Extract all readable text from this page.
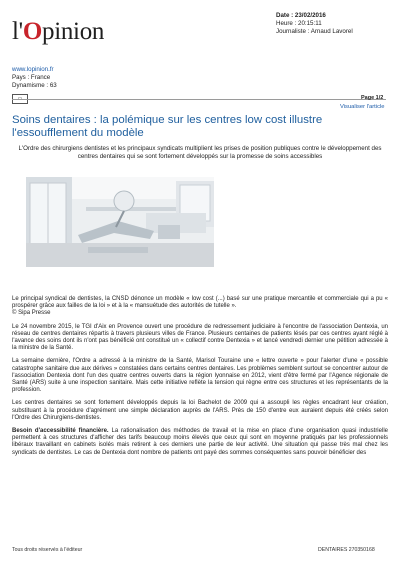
l'Opinion
Date : 23/02/2016
Heure : 20:15:11
Journaliste : Arnaud Lavorel
www.lopinion.fr
Pays : France
Dynamisme : 63
▭	Page 1/2
Visualiser l'article
Soins dentaires : la polémique sur les centres low cost illustre l'essoufflement du modèle
L'Ordre des chirurgiens dentistes et les principaux syndicats multiplient les prises de position publiques contre le développement des centres dentaires qui se sont fortement développés sur la promesse de soins accessibles

Le principal syndical de dentistes, la CNSD dénonce un modèle « low cost (...) basé sur une pratique mercantile et commerciale qui a pu « prospérer grâce aux failles de la loi » et à la « mansuétude des autorités de tutelle ».

© Sipa Presse

Le 24 novembre 2015, le TGI d'Aix en Provence ouvert une procédure de redressement judiciaire à l'encontre de l'association Dentexia, un réseau de centres dentaires répartis à travers plusieurs villes de France. Plusieurs centaines de patients lésés par ces centres ayant réglé à l'avance des soins dont ils n'ont pas bénéficié ont constitué un « collectif contre Dentexia » et lancé vendredi dernier une pétition adressée à la ministre de la Santé.

La semaine dernière, l'Ordre a adressé à la ministre de la Santé, Marisol Touraine une « lettre ouverte » pour l'alerter d'une « possible catastrophe sanitaire due aux dérives » constatées dans certains centres dentaires. Les problèmes semblent surtout se concentrer autour de l'association Dentexia dont l'un des quatre centres ouverts dans la région lyonnaise en 2012, vient d'être fermé par l'Agence régionale de Santé (ARS) suite à une inspection sanitaire. Mais cette initiative reflète la tension qui règne entre ces structures et les représentants de la profession.

Les centres dentaires se sont fortement développés depuis la loi Bachelot de 2009 qui a assoupli les règles encadrant leur création, substituant à la procédure d'agrément une simple déclaration auprès de l'ARS. Près de 150 d'entre eux auraient depuis été créés selon l'Ordre des Chirurgiens-dentistes.

Besoin d'accessibilité financière. La rationalisation des méthodes de travail et la mise en place d'une organisation quasi industrielle permettent à ces structures d'afficher des tarifs beaucoup moins élevés que ceux qui sont en moyenne pratiqués par les professionnels libéraux travaillant en cabinets isolés mais retirent à ces derniers une partie de leur activité. Une situation qui passe très mal chez les syndicats de dentistes. Le cas de Dentexia dont nombre de patients ont payé des sommes conséquentes sans pouvoir bénéficier des

Tous droits réservés à l'éditeur	DENTAIRES 270350168
